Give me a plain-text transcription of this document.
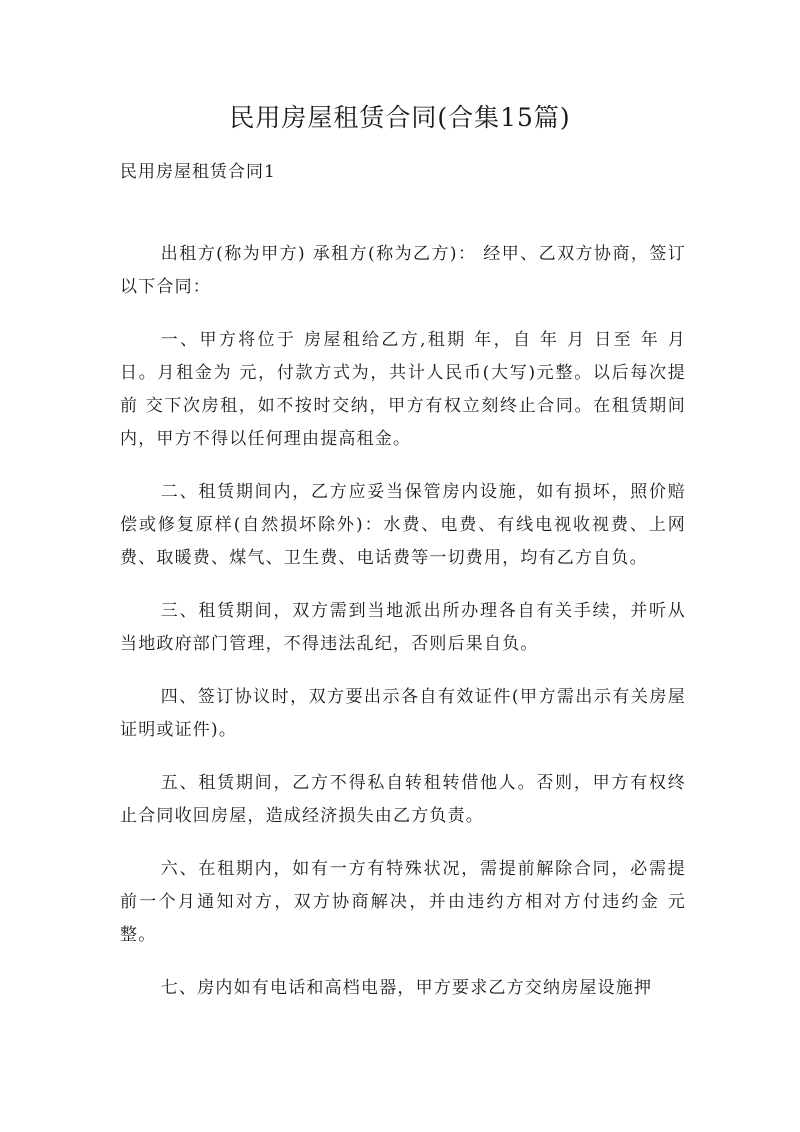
民用房屋租赁合同(合集15篇)
民用房屋租赁合同1

出租方(称为甲方) 承租方(称为乙方)： 经甲、乙双方协商，签订以下合同：

一、甲方将位于 房屋租给乙方,租期 年，自 年 月 日至 年 月 日。月租金为 元，付款方式为，共计人民币(大写)元整。以后每次提前 交下次房租，如不按时交纳，甲方有权立刻终止合同。在租赁期间内，甲方不得以任何理由提高租金。

二、租赁期间内，乙方应妥当保管房内设施，如有损坏，照价赔偿或修复原样(自然损坏除外)：水费、电费、有线电视收视费、上网费、取暖费、煤气、卫生费、电话费等一切费用，均有乙方自负。

三、租赁期间，双方需到当地派出所办理各自有关手续，并听从当地政府部门管理，不得违法乱纪，否则后果自负。

四、签订协议时，双方要出示各自有效证件(甲方需出示有关房屋证明或证件)。

五、租赁期间，乙方不得私自转租转借他人。否则，甲方有权终止合同收回房屋，造成经济损失由乙方负责。

六、在租期内，如有一方有特殊状况，需提前解除合同，必需提前一个月通知对方，双方协商解决，并由违约方相对方付违约金 元整。

七、房内如有电话和高档电器，甲方要求乙方交纳房屋设施押
